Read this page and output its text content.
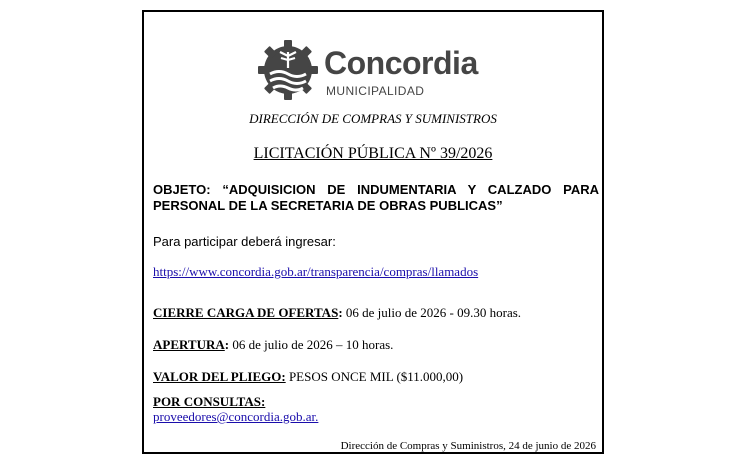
Concordia
MUNICIPALIDAD
DIRECCIÓN DE COMPRAS Y SUMINISTROS
LICITACIÓN PÚBLICA Nº 39/2026
OBJETO: “ADQUISICION DE INDUMENTARIA Y CALZADO PARA PERSONAL DE LA SECRETARIA DE OBRAS PUBLICAS”
Para participar deberá ingresar:
https://www.concordia.gob.ar/transparencia/compras/llamados
CIERRE CARGA DE OFERTAS: 06 de julio de 2026 - 09.30 horas.
APERTURA: 06 de julio de 2026 – 10 horas.
VALOR DEL PLIEGO: PESOS ONCE MIL ($11.000,00)
POR CONSULTAS:
proveedores@concordia.gob.ar.
Dirección de Compras y Suministros, 24 de junio de 2026
